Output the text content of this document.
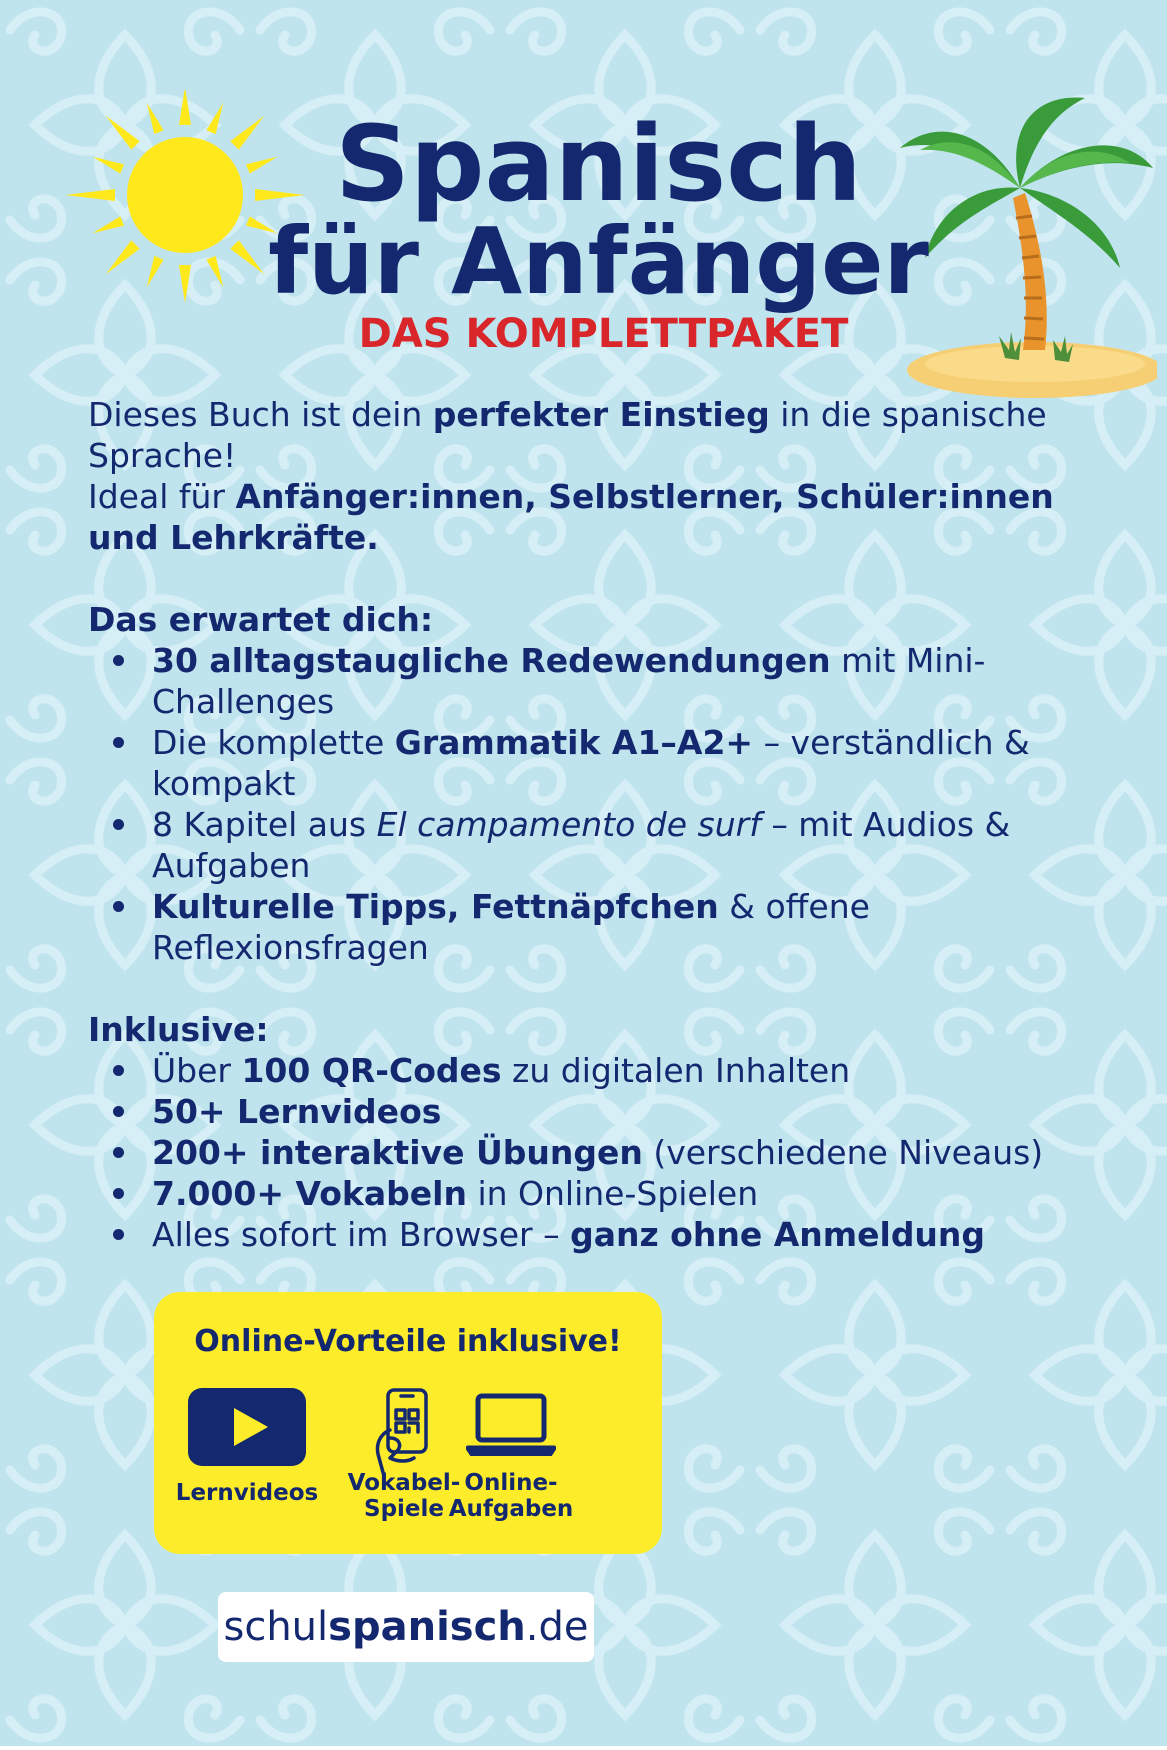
Spanisch
für Anfänger
DAS KOMPLETTPAKET

Dieses Buch ist dein perfekter Einstieg in die spanische Sprache!

Ideal für Anfänger:innen, Selbstlerner, Schüler:innen und Lehrkräfte.

Das erwartet dich:

30 alltagstaugliche Redewendungen mit Mini-Challenges
Die komplette Grammatik A1–A2+ – verständlich & kompakt
8 Kapitel aus El campamento de surf – mit Audios & Aufgaben
Kulturelle Tipps, Fettnäpfchen & offene Reflexionsfragen

Inklusive:

Über 100 QR-Codes zu digitalen Inhalten
50+ Lernvideos
200+ interaktive Übungen (verschiedene Niveaus)
7.000+ Vokabeln in Online-Spielen
Alles sofort im Browser – ganz ohne Anmeldung
Online-Vorteile inklusive!
Lernvideos	Vokabel-
Spiele
Online-
Aufgaben
schulspanisch.de
